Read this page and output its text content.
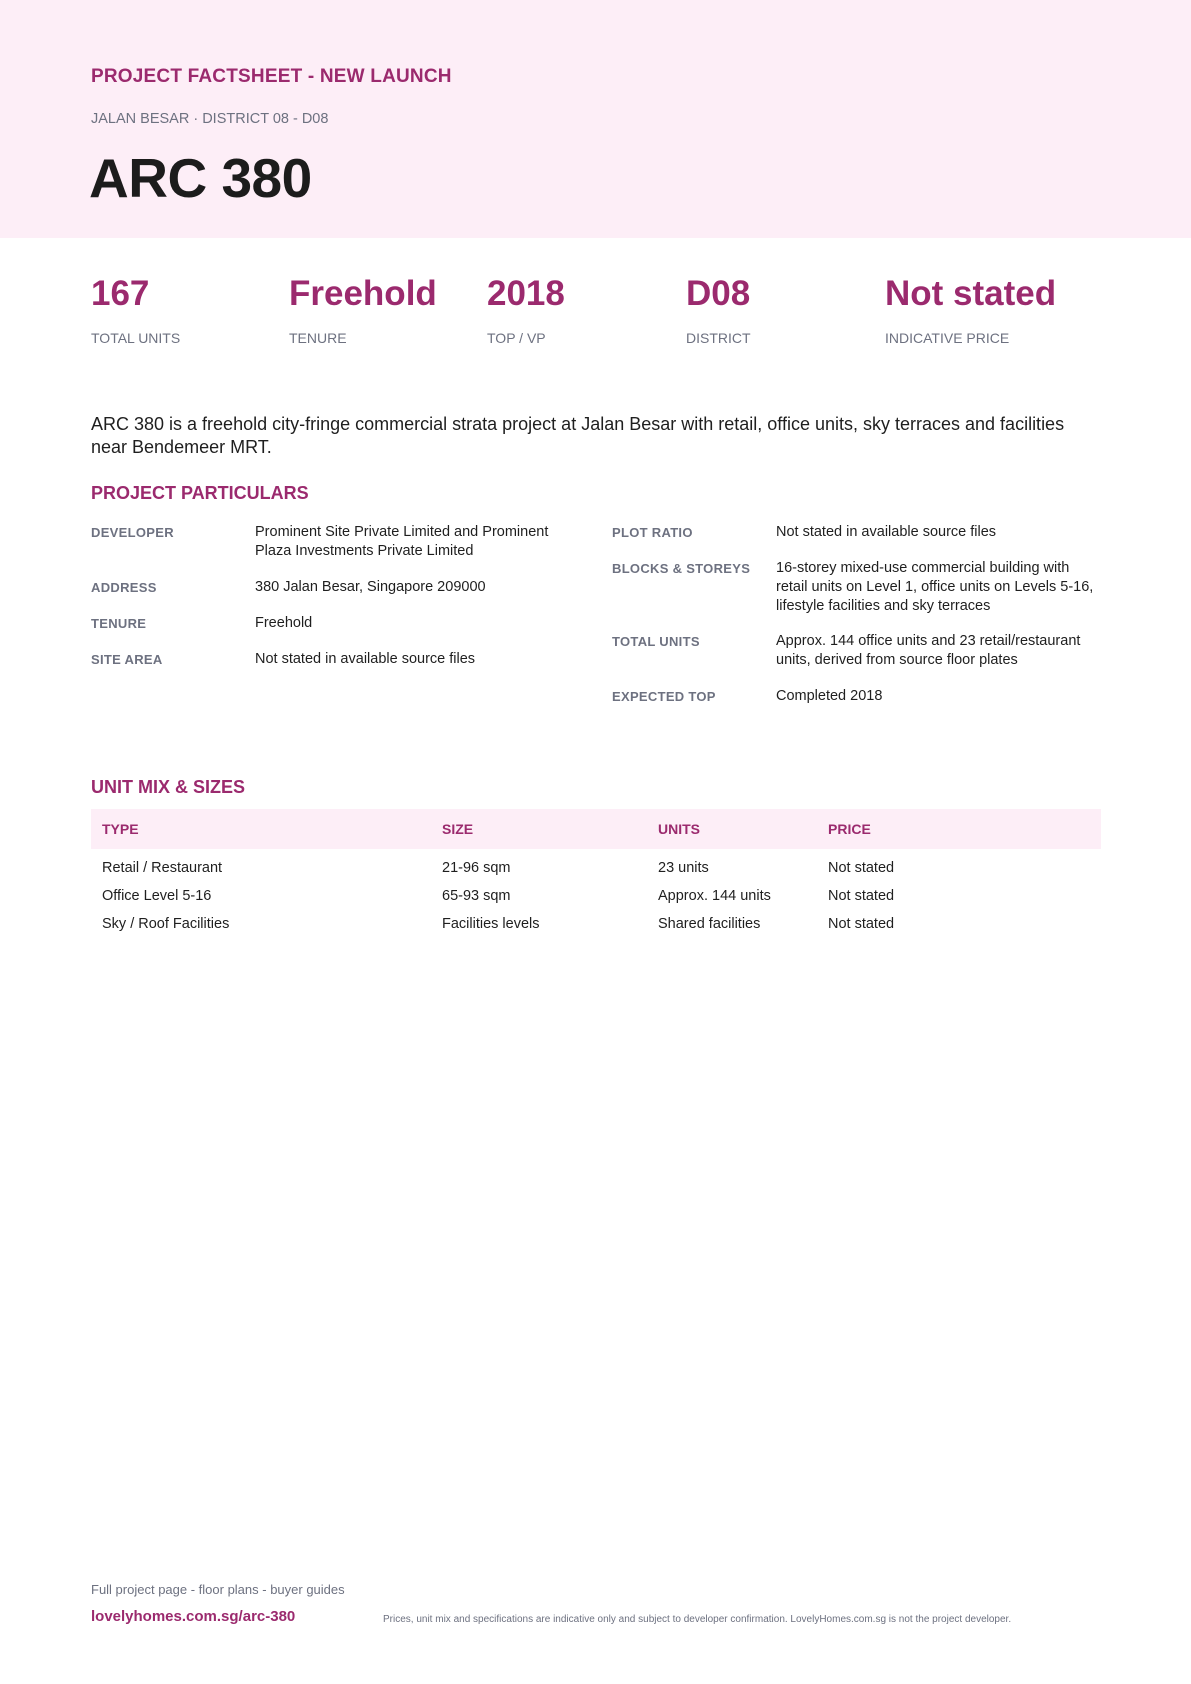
PROJECT FACTSHEET - NEW LAUNCH
JALAN BESAR · DISTRICT 08 - D08
ARC 380
167
TOTAL UNITS
Freehold
TENURE
2018
TOP / VP
D08
DISTRICT
Not stated
INDICATIVE PRICE
ARC 380 is a freehold city-fringe commercial strata project at Jalan Besar with retail, office units, sky terraces and facilities near Bendemeer MRT.
PROJECT PARTICULARS
DEVELOPER	Prominent Site Private Limited and Prominent Plaza Investments Private Limited
ADDRESS	380 Jalan Besar, Singapore 209000
TENURE	Freehold
SITE AREA	Not stated in available source files
PLOT RATIO	Not stated in available source files
BLOCKS & STOREYS 16-storey mixed-use commercial building with retail units on Level 1, office units on Levels 5-16, lifestyle facilities and sky terraces
TOTAL UNITS	Approx. 144 office units and 23 retail/restaurant units, derived from source floor plates
EXPECTED TOP	Completed 2018
UNIT MIX & SIZES
TYPE	SIZE	UNITS	PRICE
Retail / Restaurant	21-96 sqm	23 units	Not stated
Office Level 5-16	65-93 sqm	Approx. 144 units	Not stated
Sky / Roof Facilities	Facilities levels	Shared facilities	Not stated
Full project page - floor plans - buyer guides
lovelyhomes.com.sg/arc-380	Prices, unit mix and specifications are indicative only and subject to developer confirmation. LovelyHomes.com.sg is not the project developer.
